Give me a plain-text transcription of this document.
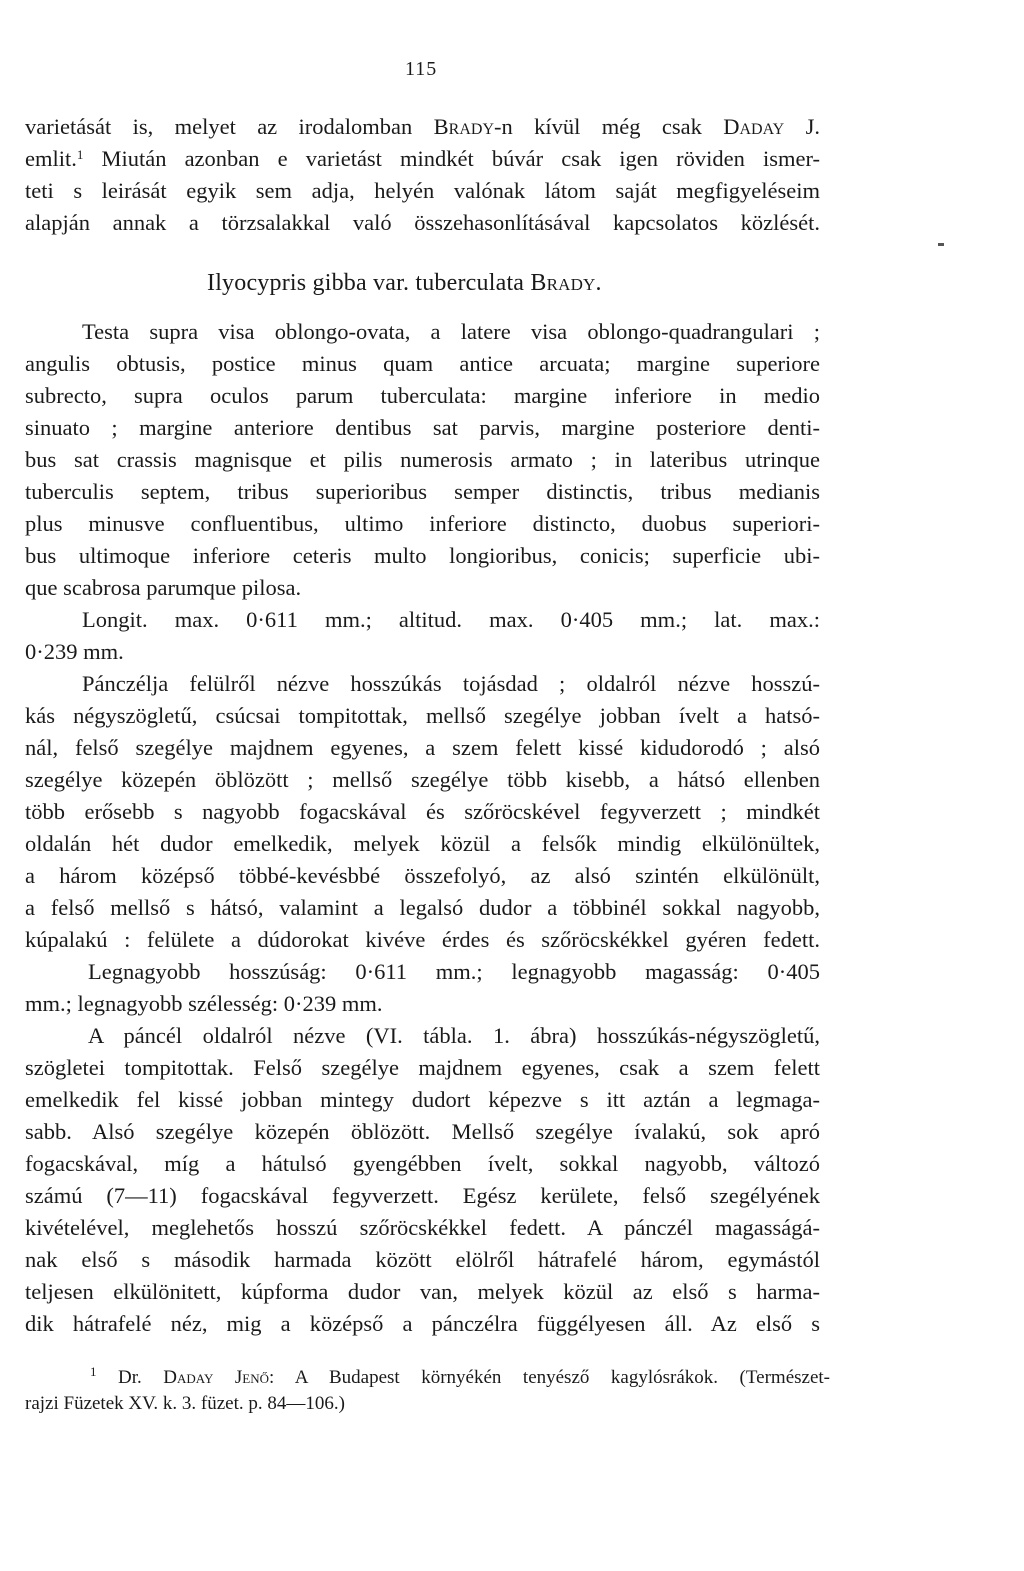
115
varietását is, melyet az irodalomban Brady-n kívül még csak Daday J.
emlit.$^1$ Miután azonban e varietást mindkét búvár csak igen röviden ismer-
teti s leirását egyik sem adja, helyén valónak látom saját megfigyeléseim
alapján annak a törzsalakkal való összehasonlításával kapcsolatos közlését.
Ilyocypris gibba var. tuberculata Brady.
Testa supra visa oblongo-ovata, a latere visa oblongo-quadrangulari ;
angulis obtusis, postice minus quam antice arcuata; margine superiore
subrecto, supra oculos parum tuberculata: margine inferiore in medio
sinuato ; margine anteriore dentibus sat parvis, margine posteriore denti-
bus sat crassis magnisque et pilis numerosis armato ; in lateribus utrinque
tuberculis septem, tribus superioribus semper distinctis, tribus medianis
plus minusve confluentibus, ultimo inferiore distincto, duobus superiori-
bus ultimoque inferiore ceteris multo longioribus, conicis; superficie ubi-
que scabrosa parumque pilosa.
Longit. max. 0·611 mm.; altitud. max. 0·405 mm.; lat. max.:
0·239 mm.
Pánczélja felülről nézve hosszúkás tojásdad ; oldalról nézve hosszú-
kás négyszögletű, csúcsai tompitottak, mellső szegélye jobban ívelt a hatsó-
nál, felső szegélye majdnem egyenes, a szem felett kissé kidudorodó ; alsó
szegélye közepén öblözött ; mellső szegélye több kisebb, a hátsó ellenben
több erősebb s nagyobb fogacskával és szőröcskével fegyverzett ; mindkét
oldalán hét dudor emelkedik, melyek közül a felsők mindig elkülönültek,
a három középső többé-kevésbbé összefolyó, az alsó szintén elkülönült,
a felső mellső s hátsó, valamint a legalsó dudor a többinél sokkal nagyobb,
kúpalakú : felülete a dúdorokat kivéve érdes és szőröcskékkel gyéren fedett.
Legnagyobb hosszúság: 0·611 mm.; legnagyobb magasság: 0·405
mm.; legnagyobb szélesség: 0·239 mm.
A páncél oldalról nézve (VI. tábla. 1. ábra) hosszúkás-négyszögletű,
szögletei tompitottak. Felső szegélye majdnem egyenes, csak a szem felett
emelkedik fel kissé jobban mintegy dudort képezve s itt aztán a legmaga-
sabb. Alsó szegélye közepén öblözött. Mellső szegélye ívalakú, sok apró
fogacskával, míg a hátulsó gyengébben ívelt, sokkal nagyobb, változó
számú (7—11) fogacskával fegyverzett. Egész kerülete, felső szegélyének
kivételével, meglehetős hosszú szőröcskékkel fedett. A pánczél magasságá-
nak első s második harmada között elölről hátrafelé három, egymástól
teljesen elkülönitett, kúpforma dudor van, melyek közül az első s harma-
dik hátrafelé néz, mig a középső a pánczélra függélyesen áll. Az első s
$^1$ Dr. Daday Jenő: A Budapest környékén tenyésző kagylósrákok. (Természet-
rajzi Füzetek XV. k. 3. füzet. p. 84—106.)
